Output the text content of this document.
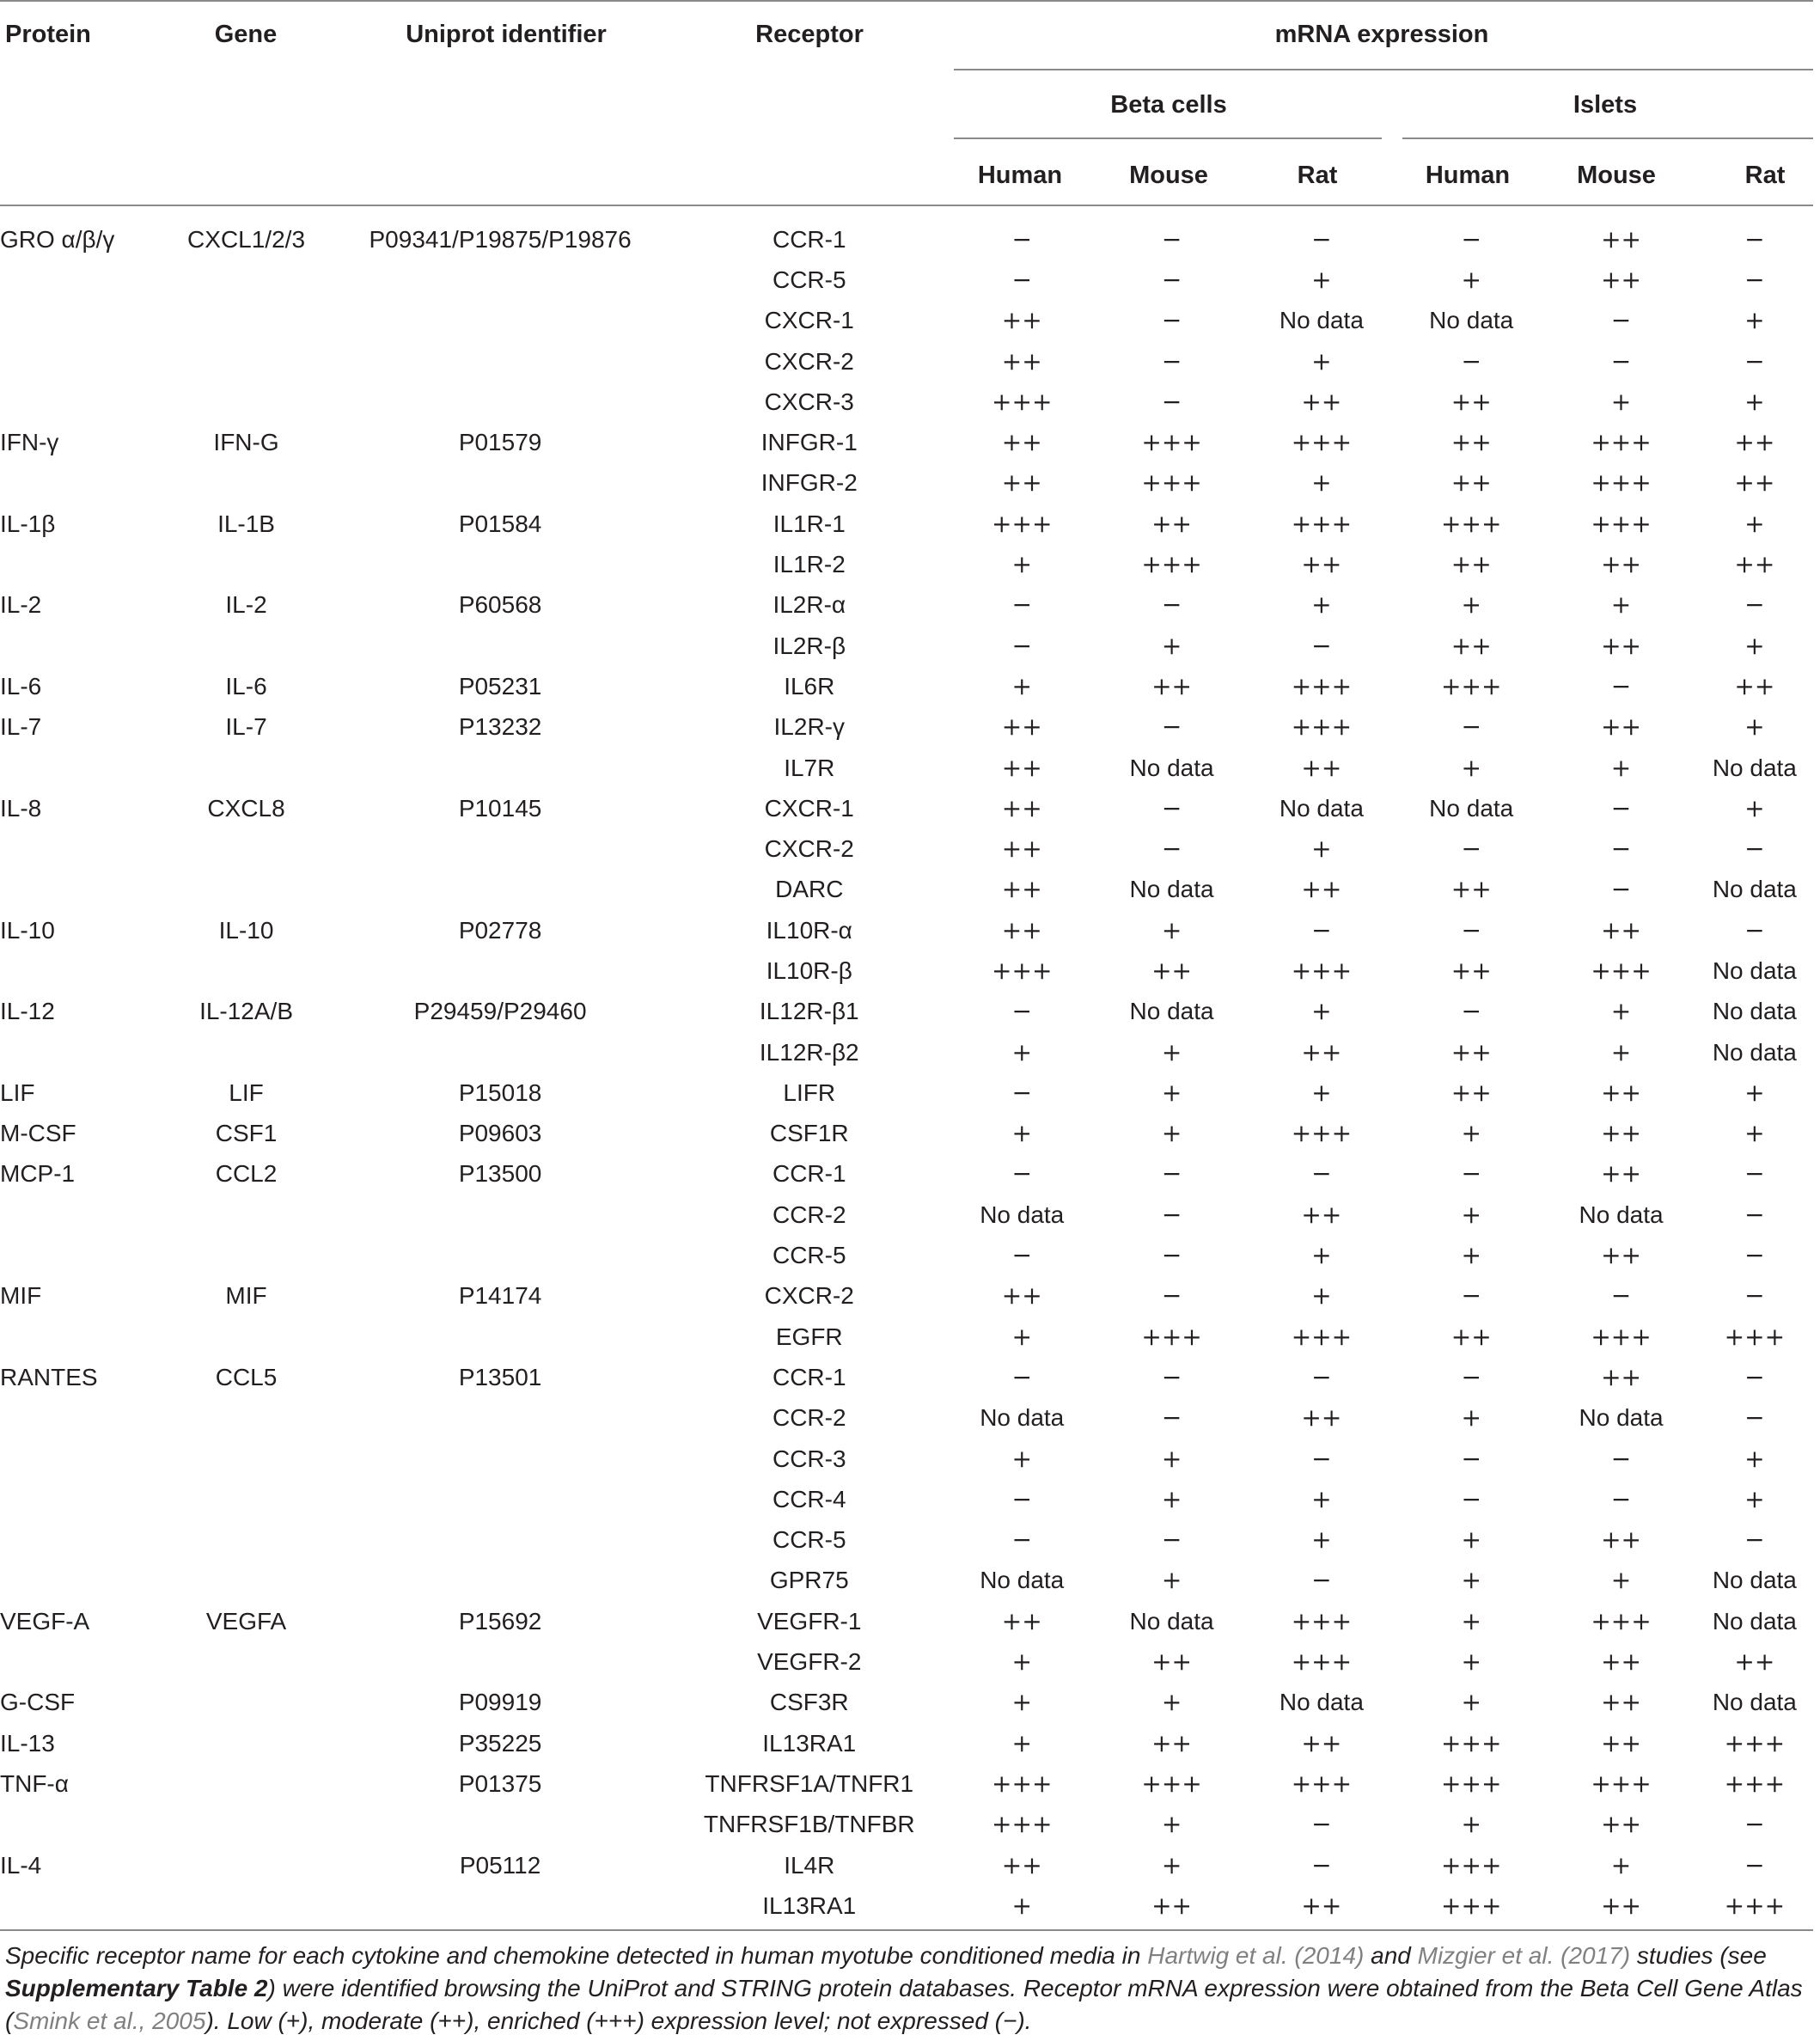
Protein	Gene	Uniprot identifier	Receptor	mRNA expression
Beta cells	Islets
Human	Mouse	Rat	Human	Mouse	Rat
GRO α/β/γ	CXCL1/2/3	P09341/P19875/P19876	CCR-1	−	−	−	−	++	−
			CCR-5	−	−	+	+	++	−
			CXCR-1	++	−	No data	No data	−	+
			CXCR-2	++	−	+	−	−	−
			CXCR-3	+++	−	++	++	+	+
IFN-γ	IFN-G	P01579	INFGR-1	++	+++	+++	++	+++	++
			INFGR-2	++	+++	+	++	+++	++
IL-1β	IL-1B	P01584	IL1R-1	+++	++	+++	+++	+++	+
			IL1R-2	+	+++	++	++	++	++
IL-2	IL-2	P60568	IL2R-α	−	−	+	+	+	−
			IL2R-β	−	+	−	++	++	+
IL-6	IL-6	P05231	IL6R	+	++	+++	+++	−	++
IL-7	IL-7	P13232	IL2R-γ	++	−	+++	−	++	+
			IL7R	++	No data	++	+	+	No data
IL-8	CXCL8	P10145	CXCR-1	++	−	No data	No data	−	+
			CXCR-2	++	−	+	−	−	−
			DARC	++	No data	++	++	−	No data
IL-10	IL-10	P02778	IL10R-α	++	+	−	−	++	−
			IL10R-β	+++	++	+++	++	+++	No data
IL-12	IL-12A/B	P29459/P29460	IL12R-β1	−	No data	+	−	+	No data
			IL12R-β2	+	+	++	++	+	No data
LIF	LIF	P15018	LIFR	−	+	+	++	++	+
M-CSF	CSF1	P09603	CSF1R	+	+	+++	+	++	+
MCP-1	CCL2	P13500	CCR-1	−	−	−	−	++	−
			CCR-2	No data	−	++	+	No data	−
			CCR-5	−	−	+	+	++	−
MIF	MIF	P14174	CXCR-2	++	−	+	−	−	−
			EGFR	+	+++	+++	++	+++	+++
RANTES	CCL5	P13501	CCR-1	−	−	−	−	++	−
			CCR-2	No data	−	++	+	No data	−
			CCR-3	+	+	−	−	−	+
			CCR-4	−	+	+	−	−	+
			CCR-5	−	−	+	+	++	−
			GPR75	No data	+	−	+	+	No data
VEGF-A	VEGFA	P15692	VEGFR-1	++	No data	+++	+	+++	No data
			VEGFR-2	+	++	+++	+	++	++
G-CSF		P09919	CSF3R	+	+	No data	+	++	No data
IL-13		P35225	IL13RA1	+	++	++	+++	++	+++
TNF-α		P01375	TNFRSF1A/TNFR1	+++	+++	+++	+++	+++	+++
			TNFRSF1B/TNFBR	+++	+	−	+	++	−
IL-4		P05112	IL4R	++	+	−	+++	+	−
			IL13RA1	+	++	++	+++	++	+++
Specific receptor name for each cytokine and chemokine detected in human myotube conditioned media in Hartwig et al. (2014) and Mizgier et al. (2017) studies (see Supplementary Table 2) were identified browsing the UniProt and STRING protein databases. Receptor mRNA expression were obtained from the Beta Cell Gene Atlas (Smink et al., 2005). Low (+), moderate (++), enriched (+++) expression level; not expressed (−).
